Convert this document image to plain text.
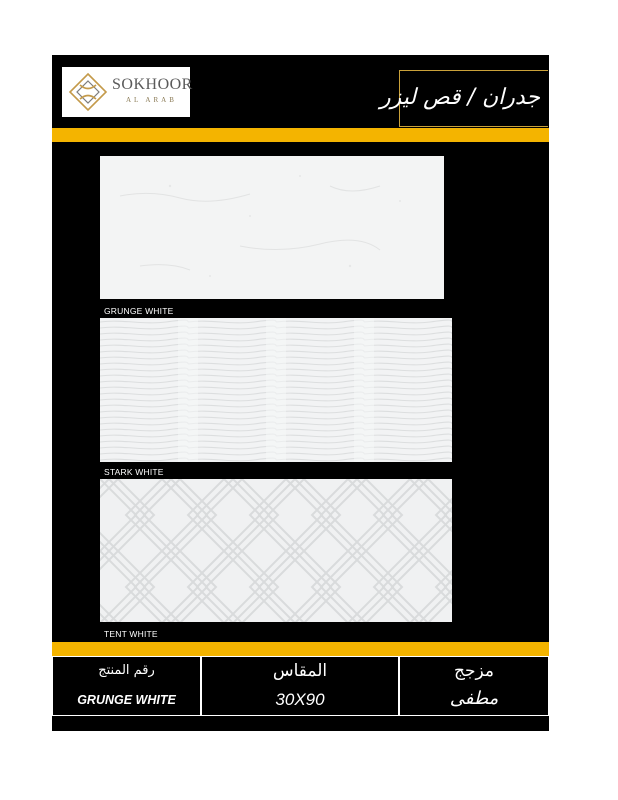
SOKHOOR
AL ARAB	جدران / قص ليزر
GRUNGE WHITE
STARK WHITE
TENT WHITE
رقم المنتج
GRUNGE WHITE
المقاس
30X90
مزجج
مطفى
